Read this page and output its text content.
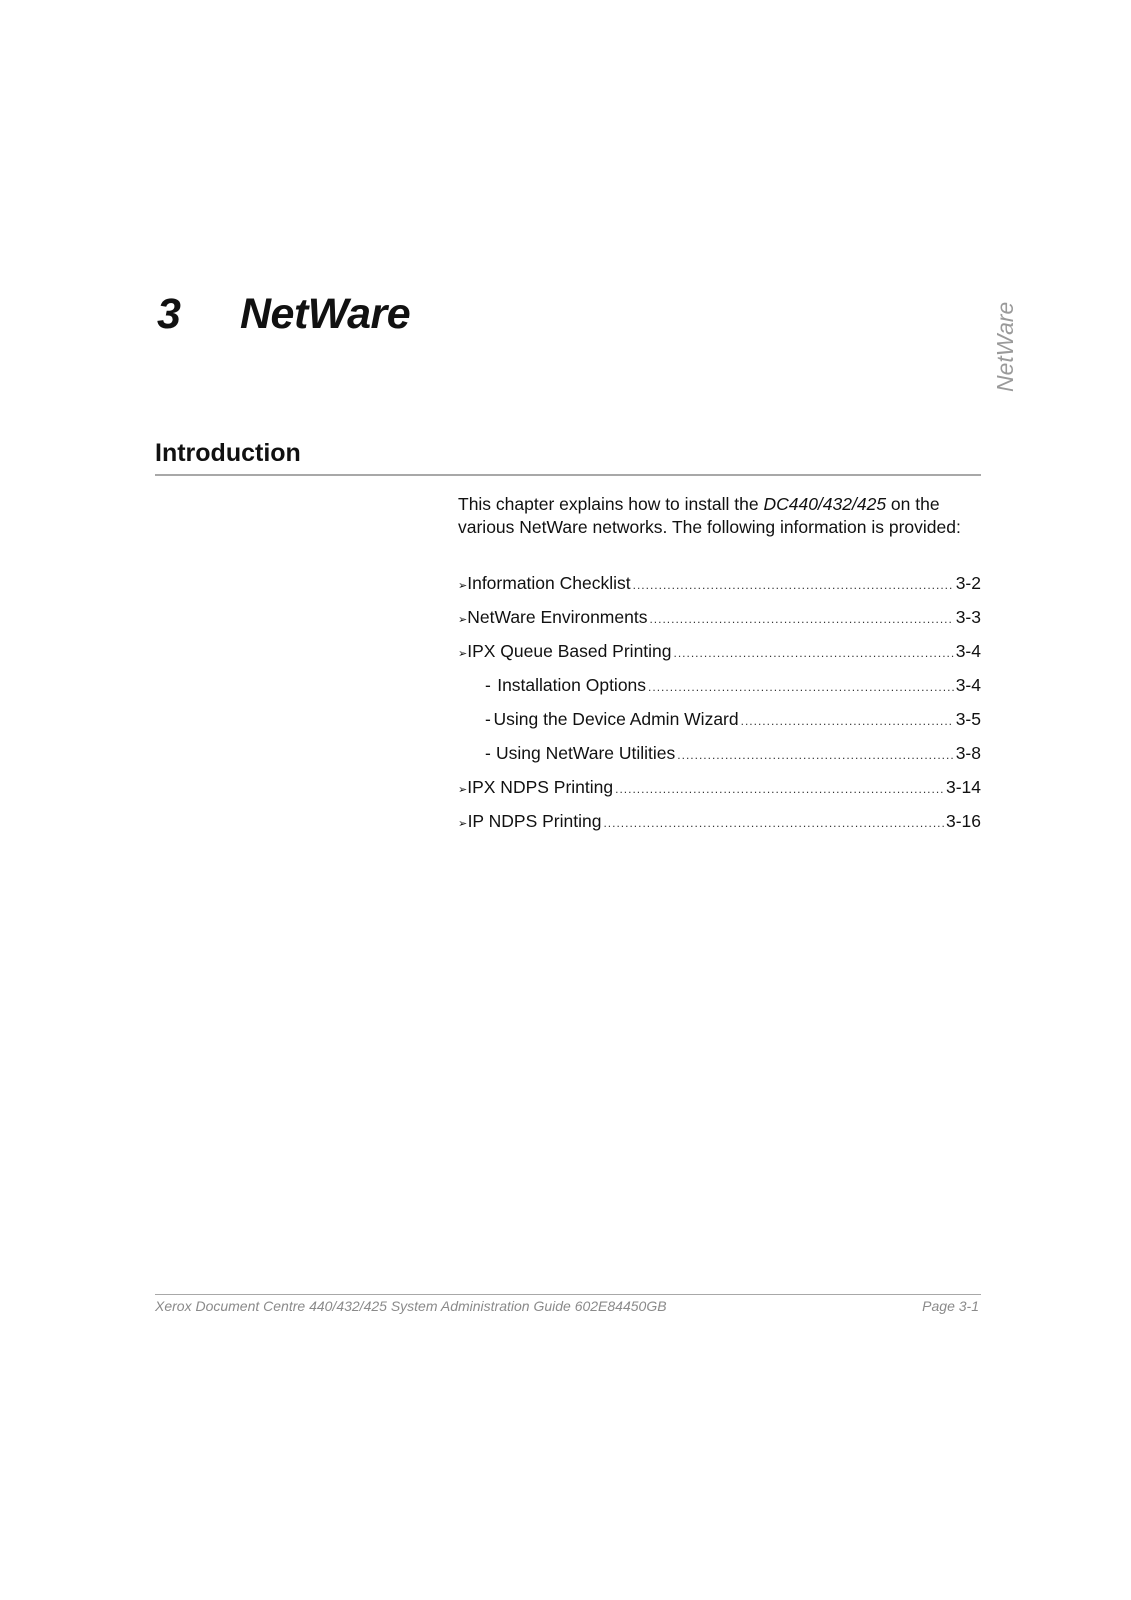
3 NetWare	NetWare
Introduction

This chapter explains how to install the DC440/432/425 on the various NetWare networks. The following information is provided:

➢ Information Checklist .....	3-2
➢ NetWare Environments .....	3-3
➢ IPX Queue Based Printing .....	3-4
- Installation Options .....	3-4
- Using the Device Admin Wizard .....	3-5
- Using NetWare Utilities .....	3-8
➢ IPX NDPS Printing .....	3-14
➢ IP NDPS Printing .....	3-16
Xerox Document Centre 440/432/425 System Administration Guide 602E84450GB	Page 3-1
